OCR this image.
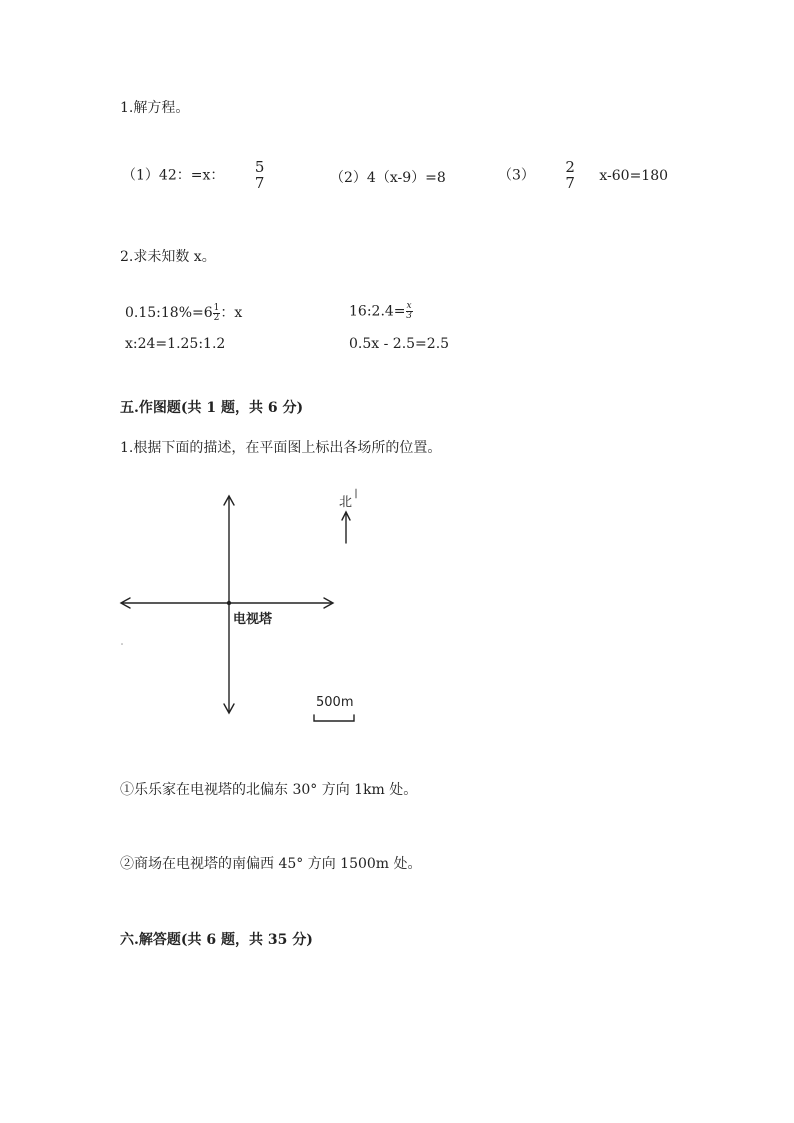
1.解方程。
（1）42：=x： 5
7	（2）4（x-9）=8	（3） 2
7 x-60=180
2.求未知数 x。
0.15:18%=6 $\frac{1}{2}$ ：x	16:2.4= $\frac{x}{3}$
x:24=1.25:1.2	0.5x - 2.5=2.5
五.作图题(共 1 题，共 6 分)
1.根据下面的描述，在平面图上标出各场所的位置。
北
电视塔
500m
①乐乐家在电视塔的北偏东 30° 方向 1km 处。
②商场在电视塔的南偏西 45° 方向 1500m 处。
六.解答题(共 6 题，共 35 分)
